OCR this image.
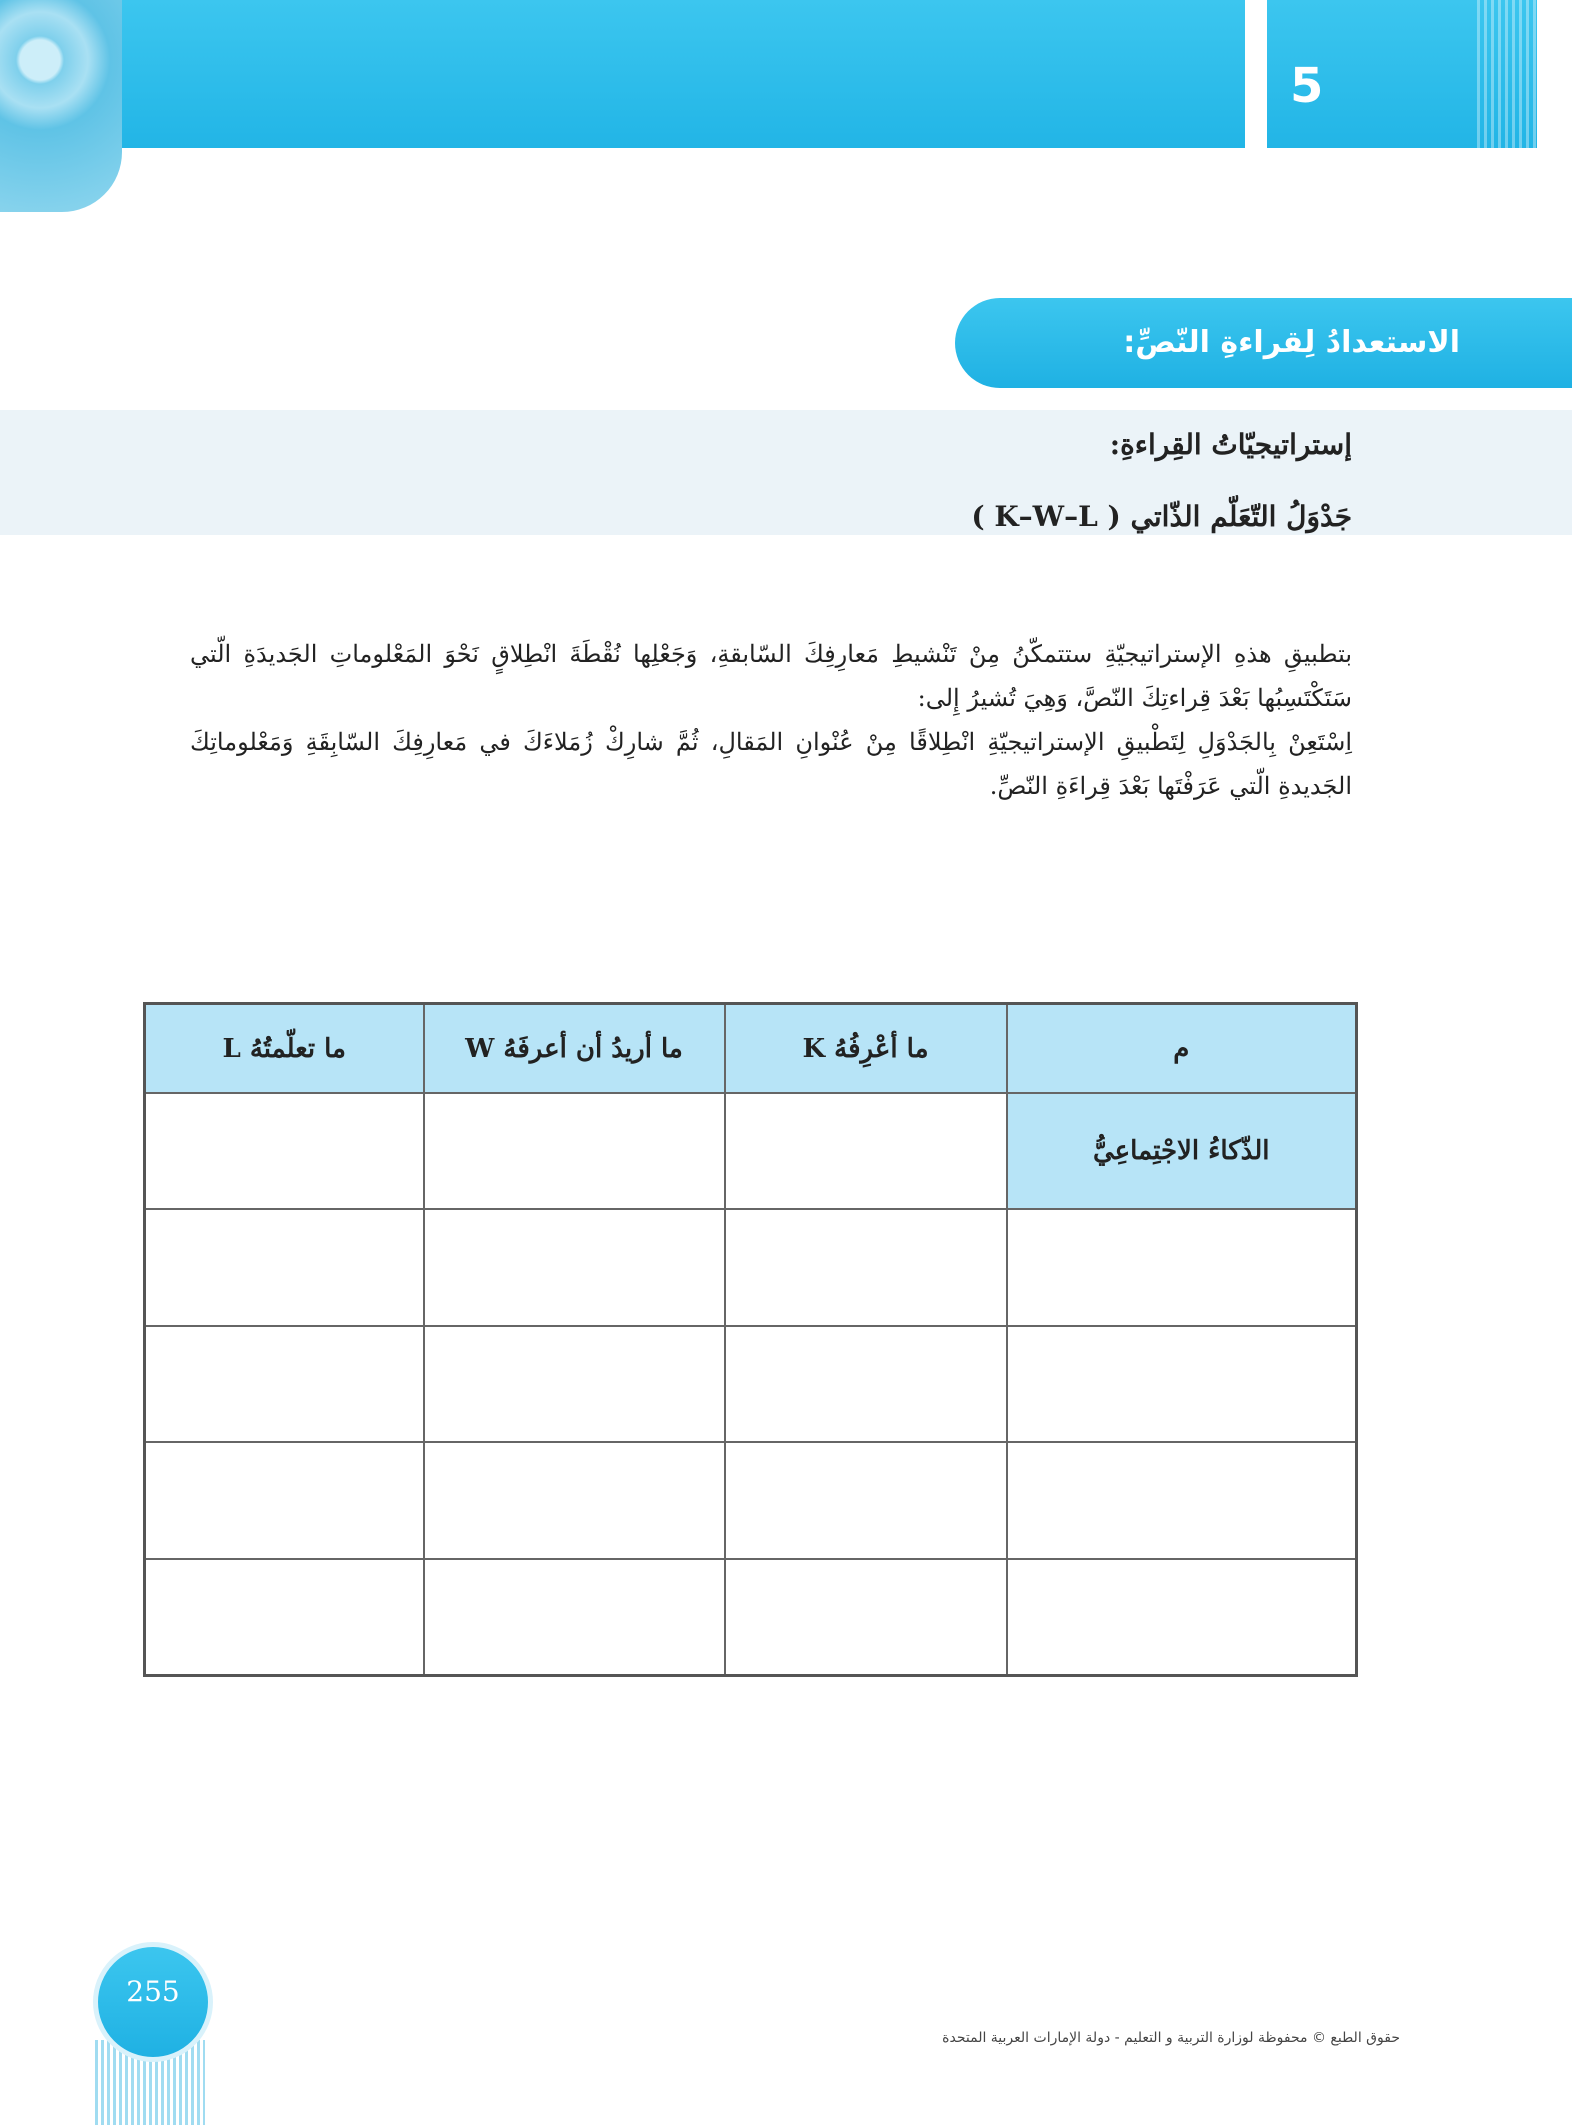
5
الاستعدادُ لِقراءةِ النّصِّ:
إستراتيجيّاتُ القِراءةِ:
جَدْوَلُ التّعَلّم الذّاتي ( K–W–L )

بتطبيقِ هذهِ الإستراتيجيّةِ ستتمكّنُ مِنْ تَنْشيطِ مَعارِفِكَ السّابقةِ، وَجَعْلِها نُقْطَةَ انْطِلاقٍ نَحْوَ المَعْلوماتِ الجَديدَةِ الّتي سَتَكْتَسِبُها بَعْدَ قِراءتِكَ النّصَّ، وَهِيَ تُشيرُ إِلى:

اِسْتَعِنْ بِالجَدْوَلِ لِتَطْبيقِ الإستراتيجيّةِ انْطِلاقًا مِنْ عُنْوانِ المَقالِ، ثُمَّ شارِكْ زُمَلاءَكَ في مَعارِفِكَ السّابِقَةِ وَمَعْلوماتِكَ الجَديدةِ الّتي عَرَفْتَها بَعْدَ قِراءَةِ النّصِّ.

م	ما أعْرِفُهُ K	ما أريدُ أن أعرفَهُ W	ما تعلّمتُهُ L
الذّكاءُ الاجْتِماعِيُّ			

255
حقوق الطبع © محفوظة لوزارة التربية و التعليم - دولة الإمارات العربية المتحدة
